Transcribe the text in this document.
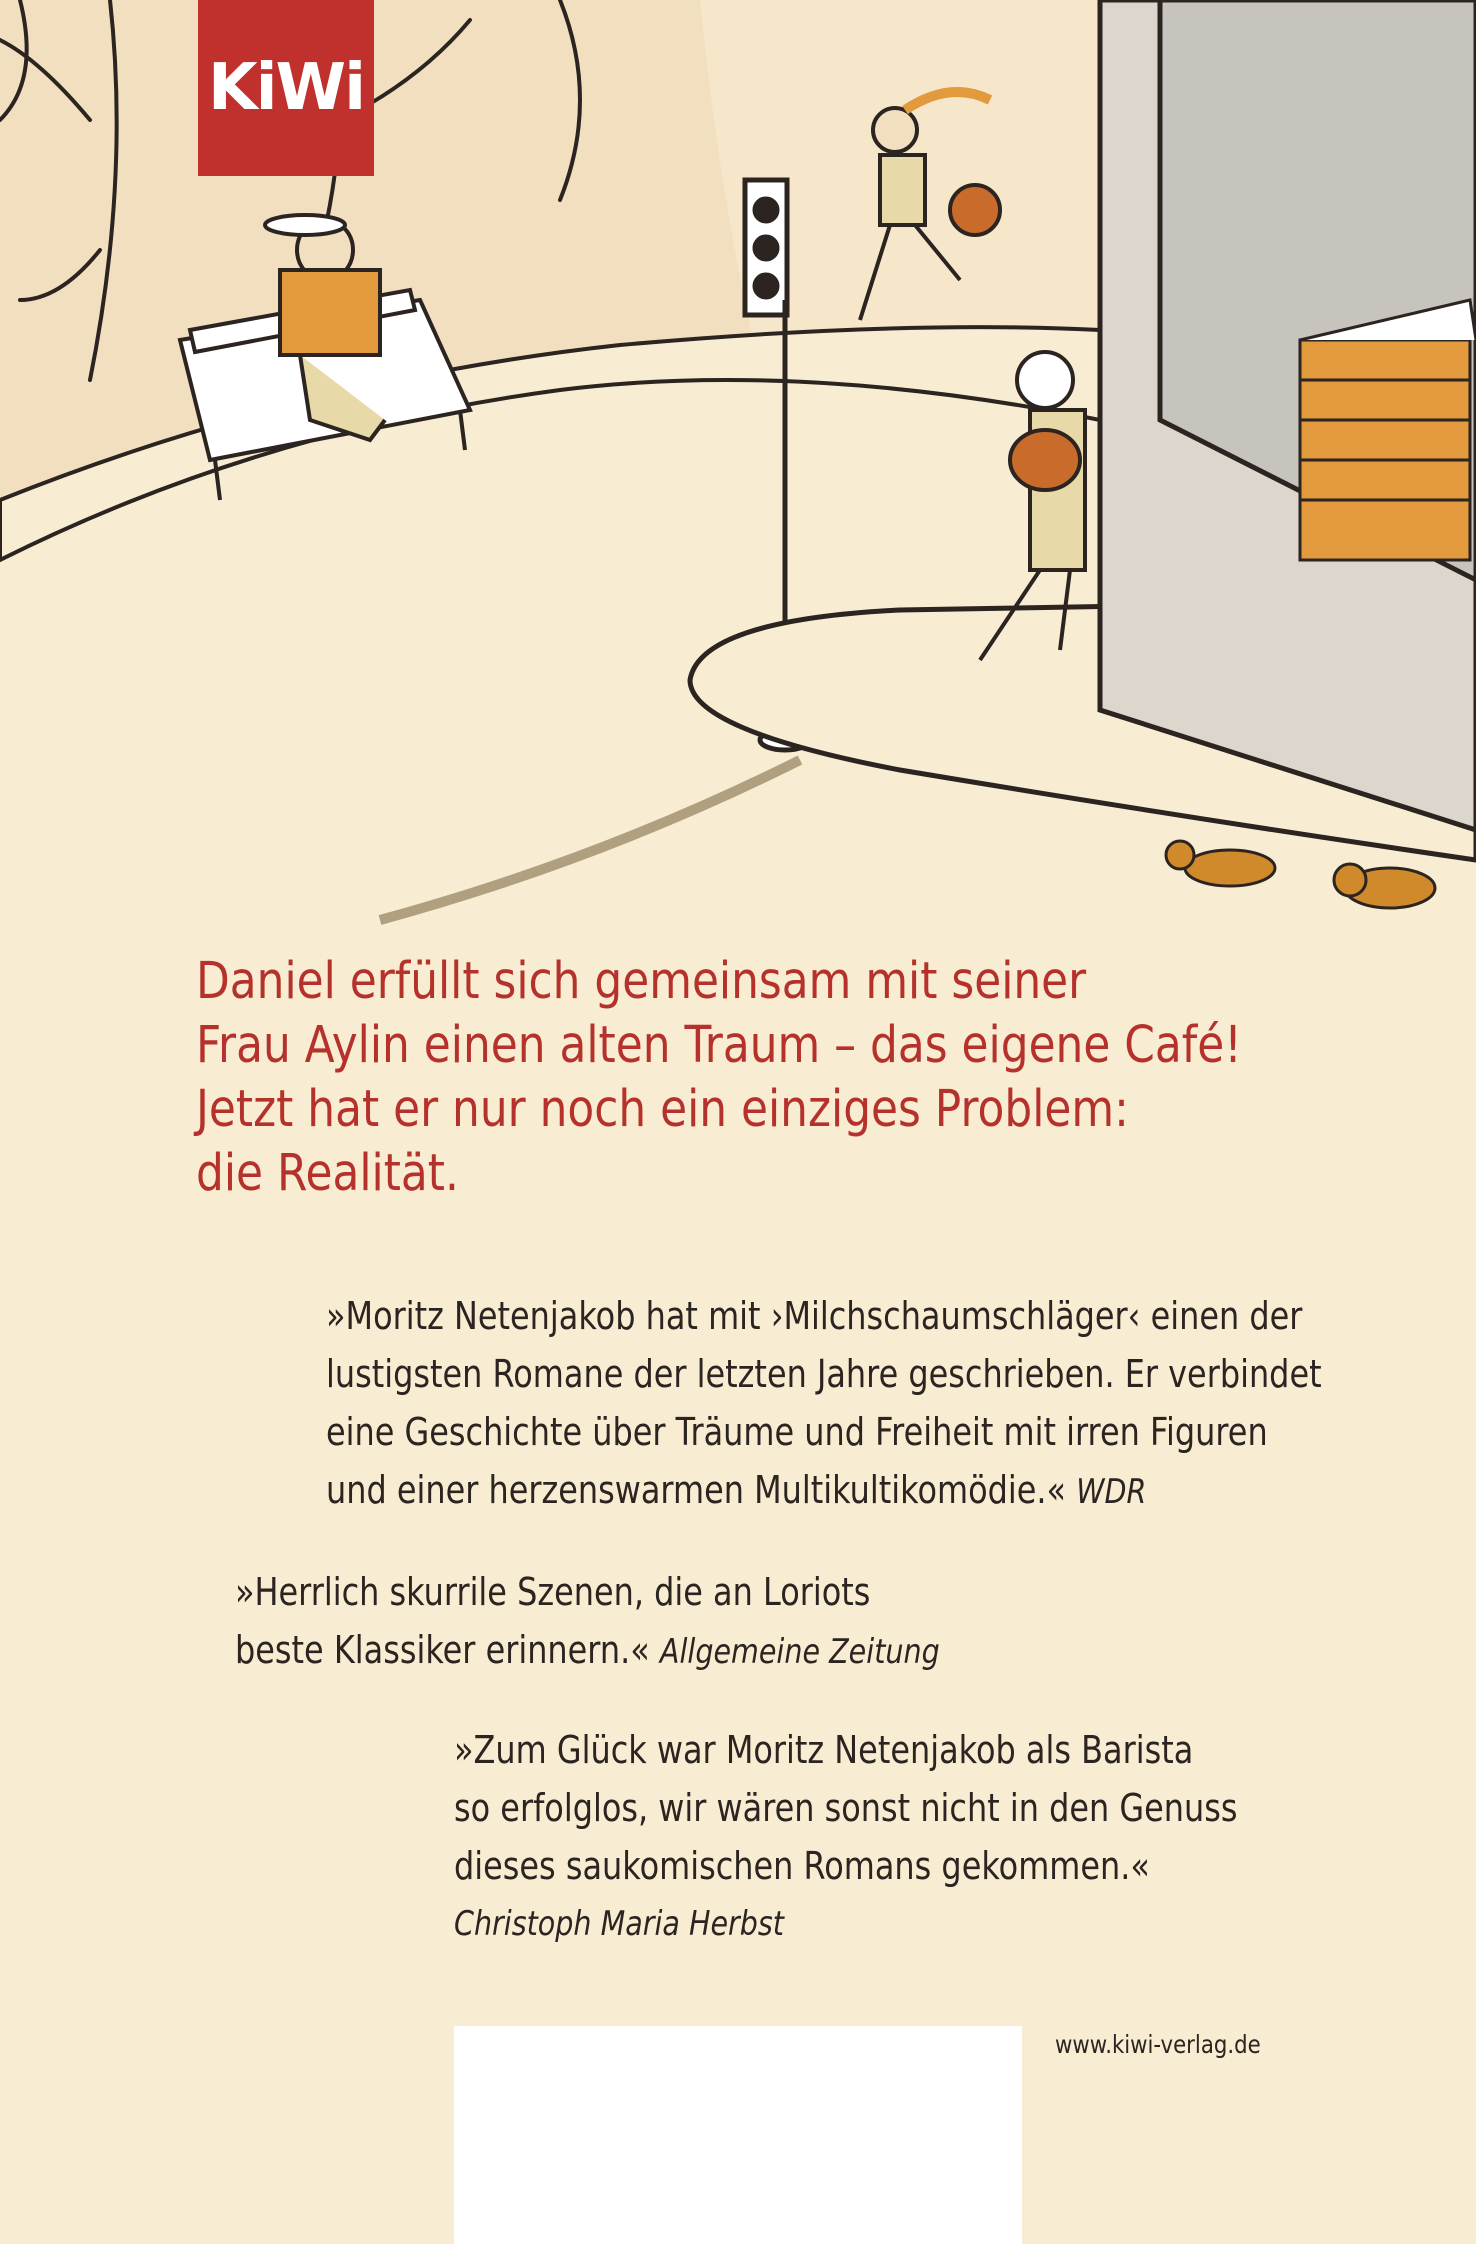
KiWi
Daniel erfüllt sich gemeinsam mit seiner
Frau Aylin einen alten Traum – das eigene Café!
Jetzt hat er nur noch ein einziges Problem:
die Realität.
»Moritz Netenjakob hat mit ›Milchschaumschläger‹ einen der
lustigsten Romane der letzten Jahre geschrieben. Er verbindet
eine Geschichte über Träume und Freiheit mit irren Figuren
und einer herzenswarmen Multikultikomödie.« WDR
»Herrlich skurrile Szenen, die an Loriots
beste Klassiker erinnern.« Allgemeine Zeitung
»Zum Glück war Moritz Netenjakob als Barista
so erfolglos, wir wären sonst nicht in den Genuss
dieses saukomischen Romans gekommen.«
Christoph Maria Herbst
www.kiwi-verlag.de
